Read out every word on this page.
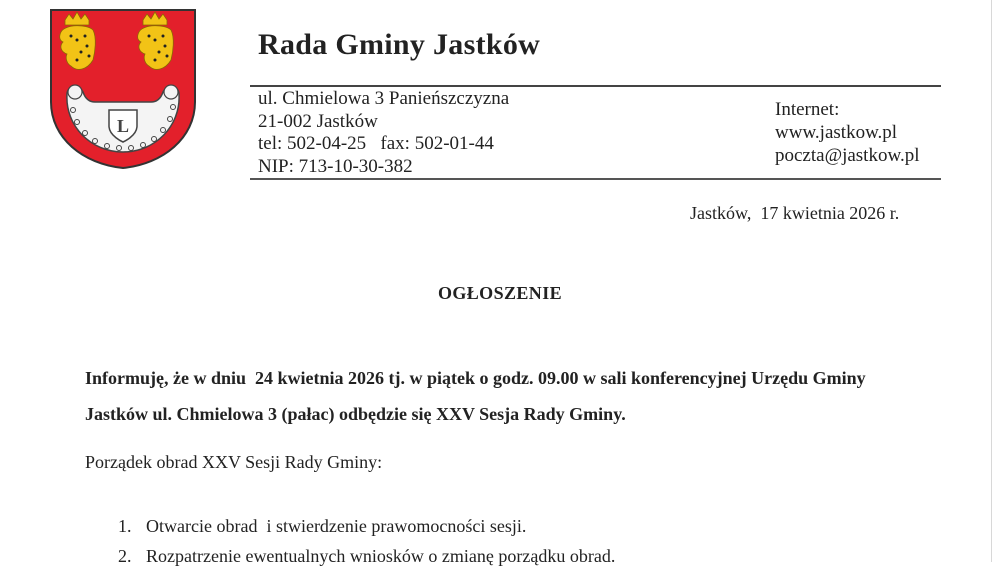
L
Rada Gminy Jastków
ul. Chmielowa 3 Panieńszczyzna
21-002 Jastków
tel: 502-04-25   fax: 502-01-44
NIP: 713-10-30-382
Internet:
www.jastkow.pl
poczta@jastkow.pl
Jastków,  17 kwietnia 2026 r.
OGŁOSZENIE
Informuję, że w dniu  24 kwietnia 2026 tj. w piątek o godz. 09.00 w sali konferencyjnej Urzędu Gminy
Jastków ul. Chmielowa 3 (pałac) odbędzie się XXV Sesja Rady Gminy.
Porządek obrad XXV Sesji Rady Gminy:
1. Otwarcie obrad  i stwierdzenie prawomocności sesji.
2. Rozpatrzenie ewentualnych wniosków o zmianę porządku obrad.
